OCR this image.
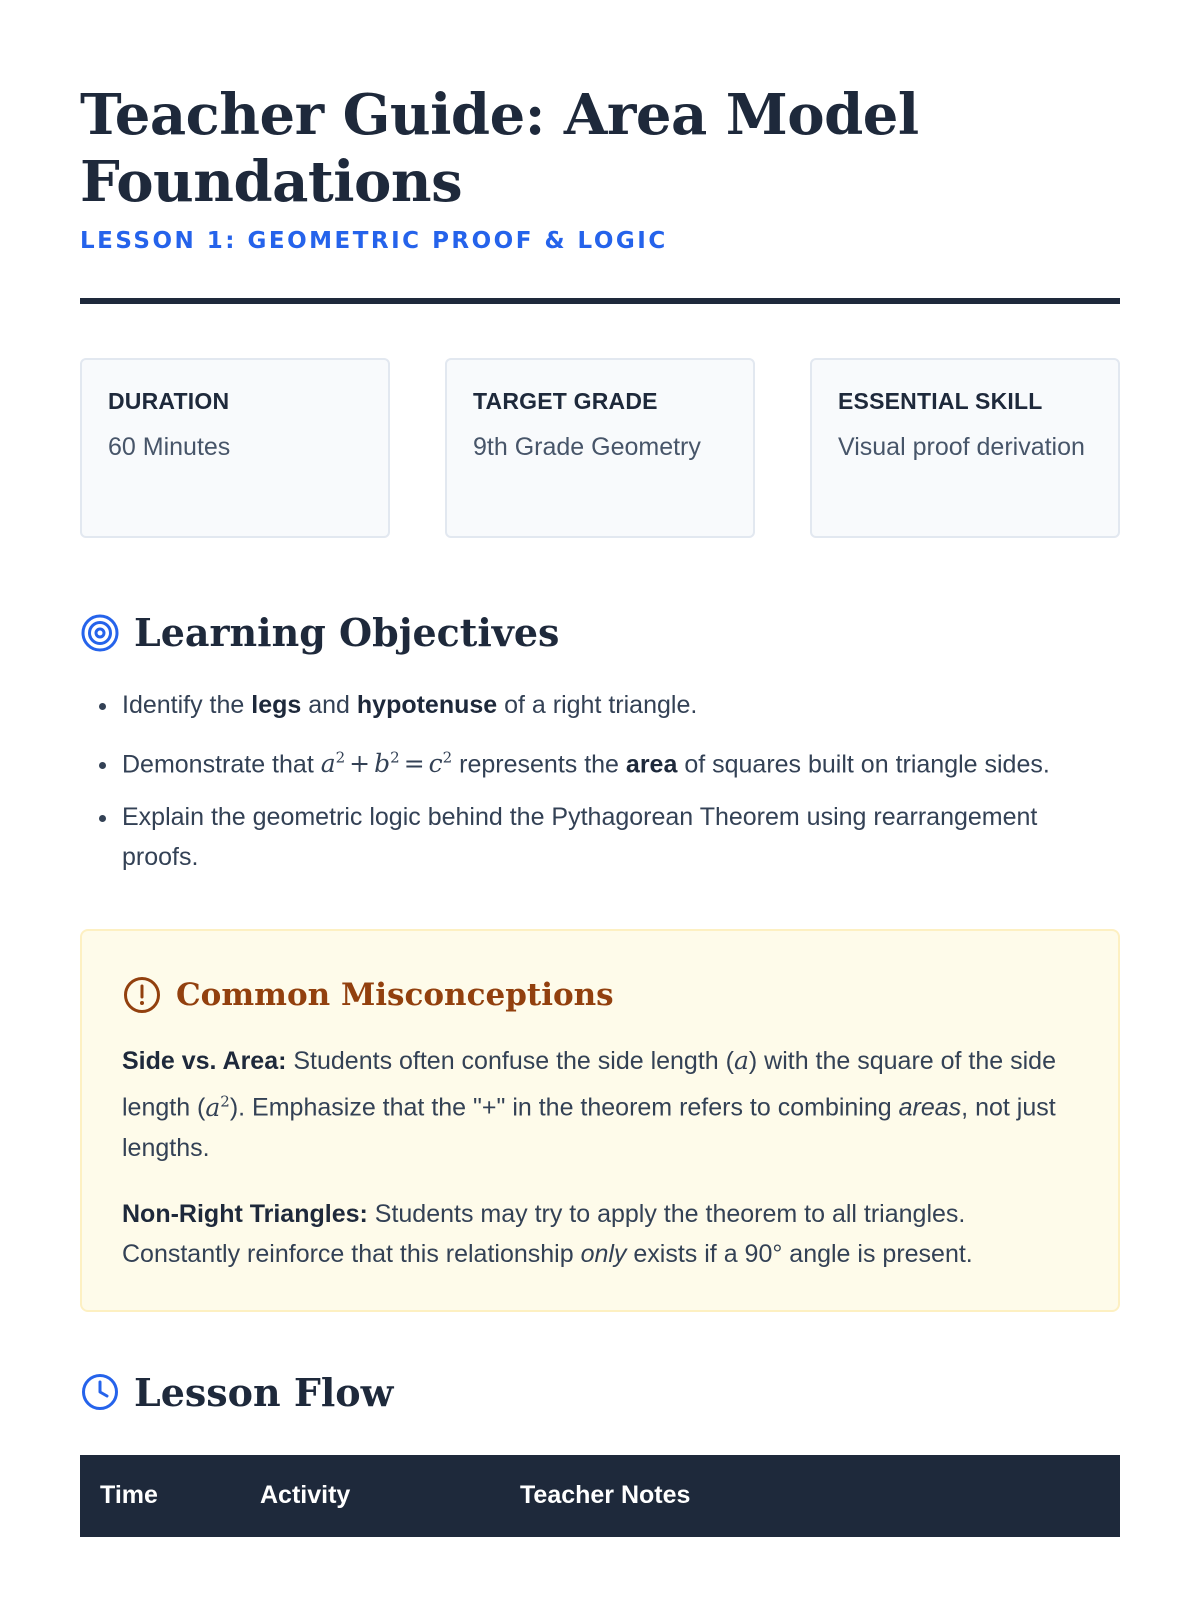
Teacher Guide: Area Model Foundations
LESSON 1: GEOMETRIC PROOF & LOGIC
DURATION
60 Minutes
TARGET GRADE
9th Grade Geometry
ESSENTIAL SKILL
Visual proof derivation
Learning Objectives
• Identify the legs and hypotenuse of a right triangle.
• Demonstrate that $a^2 + b^2 = c^2$ represents the area of squares built on triangle sides.
• Explain the geometric logic behind the Pythagorean Theorem using rearrangement proofs.
Common Misconceptions
Side vs. Area: Students often confuse the side length (a) with the square of the side length $(a^2)$. Emphasize that the "+" in the theorem refers to combining areas, not just lengths.
Non-Right Triangles: Students may try to apply the theorem to all triangles. Constantly reinforce that this relationship only exists if a 90° angle is present.
Lesson Flow
Time	Activity	Teacher Notes
